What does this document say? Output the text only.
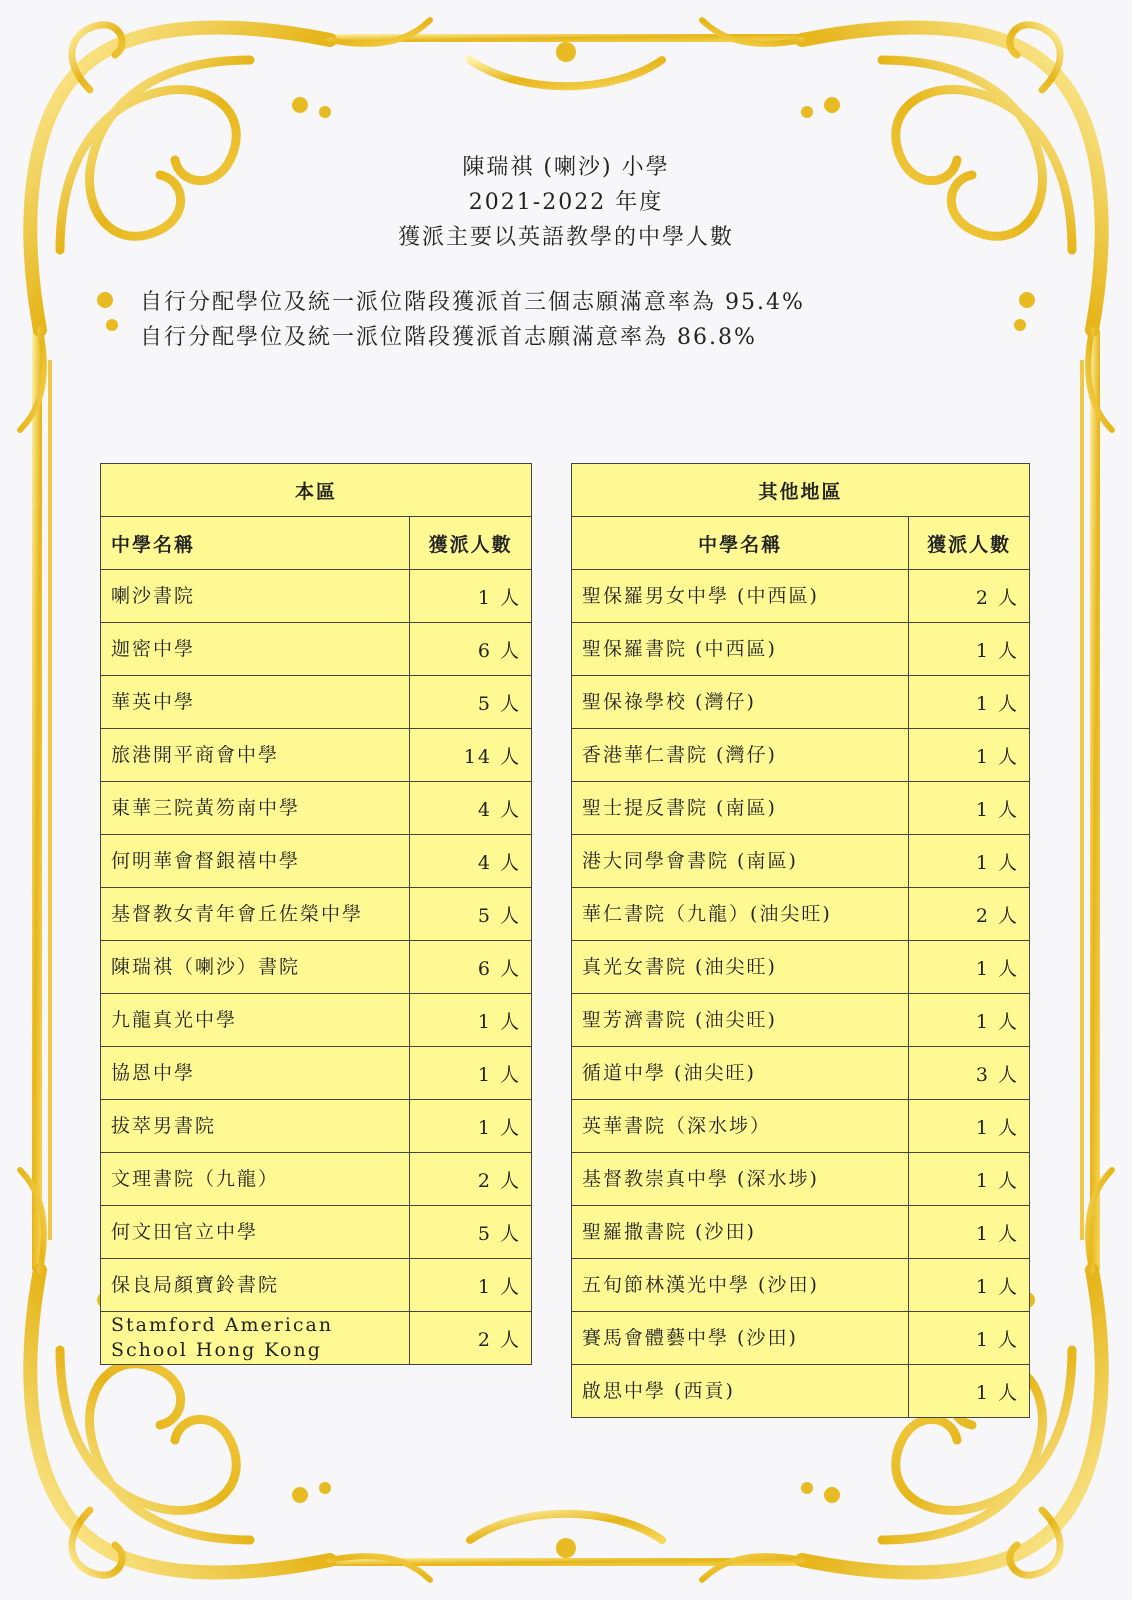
陳瑞祺 (喇沙) 小學
2021-2022 年度
獲派主要以英語教學的中學人數
自行分配學位及統一派位階段獲派首三個志願滿意率為 95.4%
自行分配學位及統一派位階段獲派首志願滿意率為 86.8%
本區	
中學名稱	獲派人數
喇沙書院	1 人
迦密中學	6 人
華英中學	5 人
旅港開平商會中學	14 人
東華三院黃笏南中學	4 人
何明華會督銀禧中學	4 人
基督教女青年會丘佐榮中學	5 人
陳瑞祺（喇沙）書院	6 人
九龍真光中學	1 人
協恩中學	1 人
拔萃男書院	1 人
文理書院（九龍）	2 人
何文田官立中學	5 人
保良局顏寶鈴書院	1 人
Stamford American School Hong Kong	2 人
其他地區	
中學名稱	獲派人數
聖保羅男女中學 (中西區)	2 人
聖保羅書院 (中西區)	1 人
聖保祿學校 (灣仔)	1 人
香港華仁書院 (灣仔)	1 人
聖士提反書院 (南區)	1 人
港大同學會書院 (南區)	1 人
華仁書院（九龍）(油尖旺)	2 人
真光女書院 (油尖旺)	1 人
聖芳濟書院 (油尖旺)	1 人
循道中學 (油尖旺)	3 人
英華書院（深水埗）	1 人
基督教崇真中學 (深水埗)	1 人
聖羅撒書院 (沙田)	1 人
五旬節林漢光中學 (沙田)	1 人
賽馬會體藝中學 (沙田)	1 人
啟思中學 (西貢)	1 人
